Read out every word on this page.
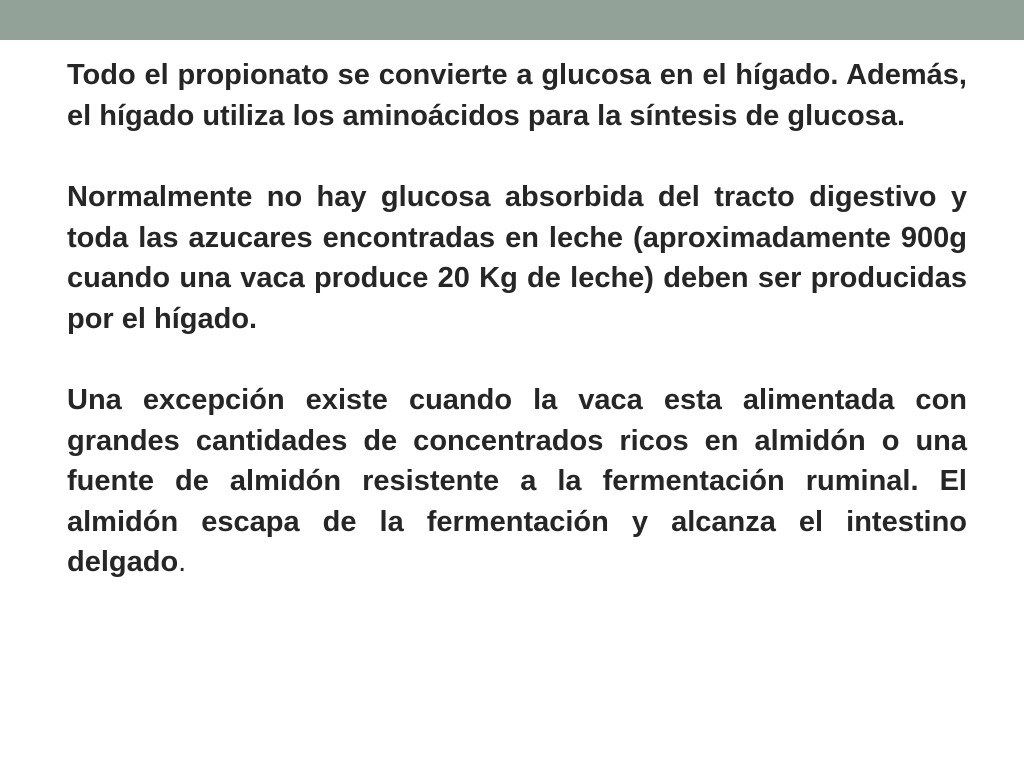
Todo el propionato se convierte a glucosa en el hígado. Además, el hígado utiliza los aminoácidos para la síntesis de glucosa.

Normalmente no hay glucosa absorbida del tracto digestivo y toda las azucares encontradas en leche (aproximadamente 900g cuando una vaca produce 20 Kg de leche) deben ser producidas por el hígado.

Una excepción existe cuando la vaca esta alimentada con grandes cantidades de concentrados ricos en almidón o una fuente de almidón resistente a la fermentación ruminal. El almidón escapa de la fermentación y alcanza el intestino delgado.
